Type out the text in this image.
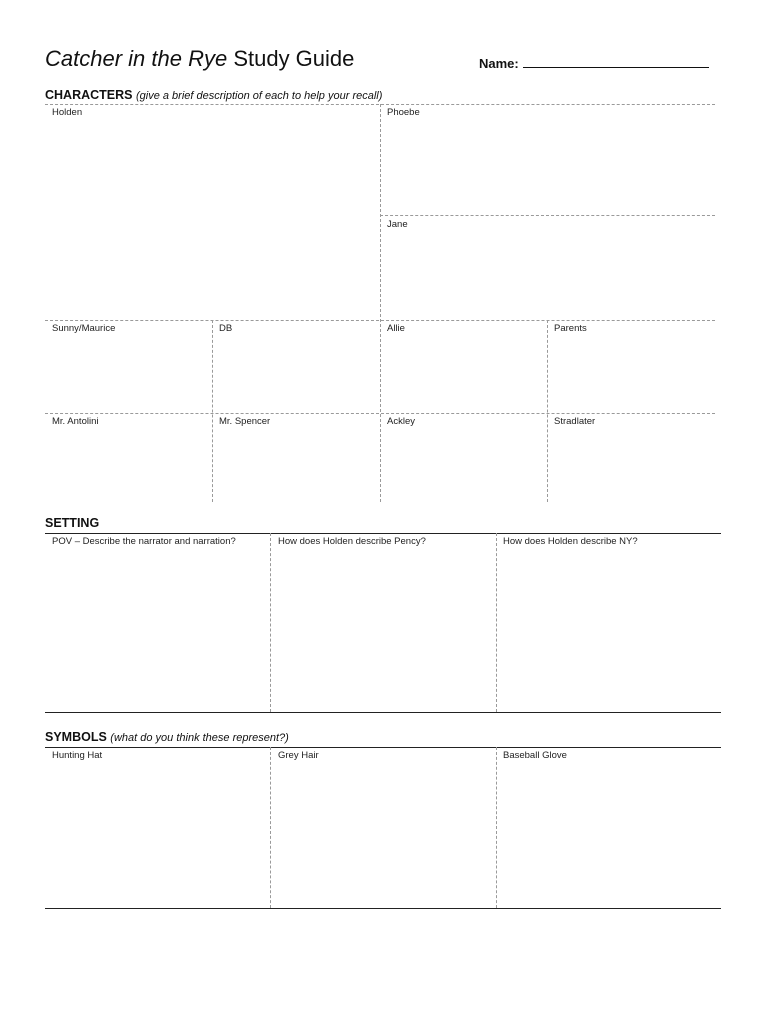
Catcher in the Rye Study Guide	Name:
CHARACTERS (give a brief description of each to help your recall)
Holden	Phoebe
Jane
Sunny/Maurice	DB	Allie	Parents
Mr. Antolini	Mr. Spencer	Ackley	Stradlater
SETTING
POV – Describe the narrator and narration?	How does Holden describe Pency?	How does Holden describe NY?
SYMBOLS (what do you think these represent?)
Hunting Hat	Grey Hair	Baseball Glove
